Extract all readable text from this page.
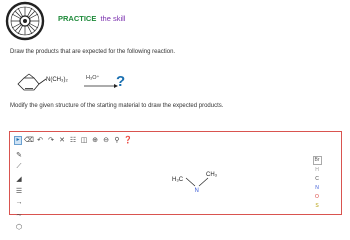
PRACTICE the skill
Draw the products that are expected for the following reaction.
N(CH₃)₂	H₃O⁺ ?
Modify the given structure of the starting material to draw the expected products.
▸ ⌫ ↶ ↷ ✕ ☷ ◫ ⊕ ⊖ ⚲ ❓
✎
⟋
◢
☰
→
∼
⬡
Br
H
C
N
O
S
H₃C
CH₃
N
